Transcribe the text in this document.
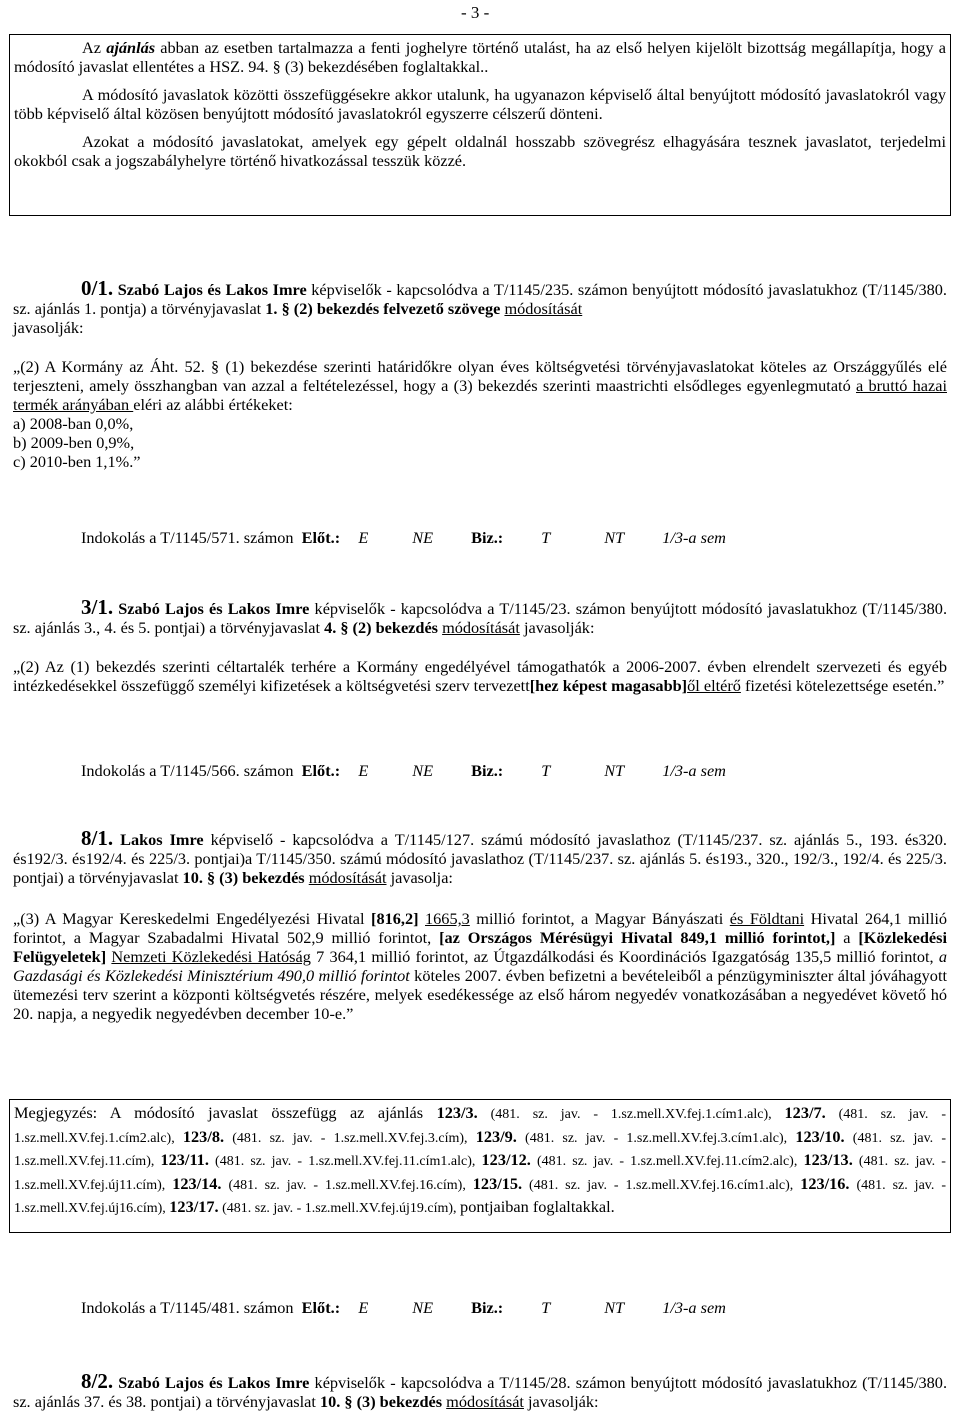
- 3 -

Az ajánlás abban az esetben tartalmazza a fenti joghelyre történő utalást, ha az első helyen kijelölt bizottság megállapítja, hogy a módosító javaslat ellentétes a HSZ. 94. § (3) bekezdésében foglaltakkal..

A módosító javaslatok közötti összefüggésekre akkor utalunk, ha ugyanazon képviselő által benyújtott módosító javaslatokról vagy több képviselő által közösen benyújtott módosító javaslatokról egyszerre célszerű dönteni.

Azokat a módosító javaslatokat, amelyek egy gépelt oldalnál hosszabb szövegrész elhagyására tesznek javaslatot, terjedelmi okokból csak a jogszabályhelyre történő hivatkozással tesszük közzé.

0/1. Szabó Lajos és Lakos Imre képviselők - kapcsolódva a T/1145/235. számon benyújtott módosító javaslatukhoz (T/1145/380. sz. ajánlás 1. pontja) a törvényjavaslat 1. § (2) bekezdés felvezető szövege módosítását
javasolják:

„(2) A Kormány az Áht. 52. § (1) bekezdése szerinti határidőkre olyan éves költségvetési törvényjavaslatokat köteles az Országgyűlés elé terjeszteni, amely összhangban van azzal a feltételezéssel, hogy a (3) bekezdés szerinti maastrichti elsődleges egyenlegmutató a bruttó hazai termék arányában eléri az alábbi értékeket:

a) 2008-ban 0,0%,

b) 2009-ben 0,9%,

c) 2010-ben 1,1%.”

Indokolás a T/1145/571. számon Előt.: E	NE Biz.: T	NT 1/3-a sem

3/1. Szabó Lajos és Lakos Imre képviselők - kapcsolódva a T/1145/23. számon benyújtott módosító javaslatukhoz (T/1145/380. sz. ajánlás 3., 4. és 5. pontjai) a törvényjavaslat 4. § (2) bekezdés módosítását javasolják:

„(2) Az (1) bekezdés szerinti céltartalék terhére a Kormány engedélyével támogathatók a 2006-2007. évben elrendelt szervezeti és egyéb intézkedésekkel összefüggő személyi kifizetések a költségvetési szerv tervezett[hez képest magasabb]ől eltérő fizetési kötelezettsége esetén.”

Indokolás a T/1145/566. számon Előt.: E	NE Biz.: T	NT 1/3-a sem

8/1. Lakos Imre képviselő - kapcsolódva a T/1145/127. számú módosító javaslathoz (T/1145/237. sz. ajánlás 5., 193. és320. és192/3. és192/4. és 225/3. pontjai)a T/1145/350. számú módosító javaslathoz (T/1145/237. sz. ajánlás 5. és193., 320., 192/3., 192/4. és 225/3. pontjai) a törvényjavaslat 10. § (3) bekezdés módosítását javasolja:

„(3) A Magyar Kereskedelmi Engedélyezési Hivatal [816,2] 1665,3 millió forintot, a Magyar Bányászati és Földtani Hivatal 264,1 millió forintot, a Magyar Szabadalmi Hivatal 502,9 millió forintot, [az Országos Mérésügyi Hivatal 849,1 millió forintot,] a [Közlekedési Felügyeletek] Nemzeti Közlekedési Hatóság 7 364,1 millió forintot, az Útgazdálkodási és Koordinációs Igazgatóság 135,5 millió forintot, a Gazdasági és Közlekedési Minisztérium 490,0 millió forintot köteles 2007. évben befizetni a bevételeiből a pénzügyminiszter által jóváhagyott ütemezési terv szerint a központi költségvetés részére, melyek esedékessége az első három negyedév vonatkozásában a negyedévet követő hó 20. napja, a negyedik negyedévben december 10-e.”

Megjegyzés: A módosító javaslat összefügg az ajánlás 123/3. (481. sz. jav. - 1.sz.mell.XV.fej.1.cím1.alc), 123/7. (481. sz. jav. - 1.sz.mell.XV.fej.1.cím2.alc), 123/8. (481. sz. jav. - 1.sz.mell.XV.fej.3.cím), 123/9. (481. sz. jav. - 1.sz.mell.XV.fej.3.cím1.alc), 123/10. (481. sz. jav. - 1.sz.mell.XV.fej.11.cím), 123/11. (481. sz. jav. - 1.sz.mell.XV.fej.11.cím1.alc), 123/12. (481. sz. jav. - 1.sz.mell.XV.fej.11.cím2.alc), 123/13. (481. sz. jav. - 1.sz.mell.XV.fej.új11.cím), 123/14. (481. sz. jav. - 1.sz.mell.XV.fej.16.cím), 123/15. (481. sz. jav. - 1.sz.mell.XV.fej.16.cím1.alc), 123/16. (481. sz. jav. - 1.sz.mell.XV.fej.új16.cím), 123/17. (481. sz. jav. - 1.sz.mell.XV.fej.új19.cím), pontjaiban foglaltakkal.
Indokolás a T/1145/481. számon Előt.: E	NE Biz.: T	NT 1/3-a sem

8/2. Szabó Lajos és Lakos Imre képviselők - kapcsolódva a T/1145/28. számon benyújtott módosító javaslatukhoz (T/1145/380. sz. ajánlás 37. és 38. pontjai) a törvényjavaslat 10. § (3) bekezdés módosítását javasolják:
